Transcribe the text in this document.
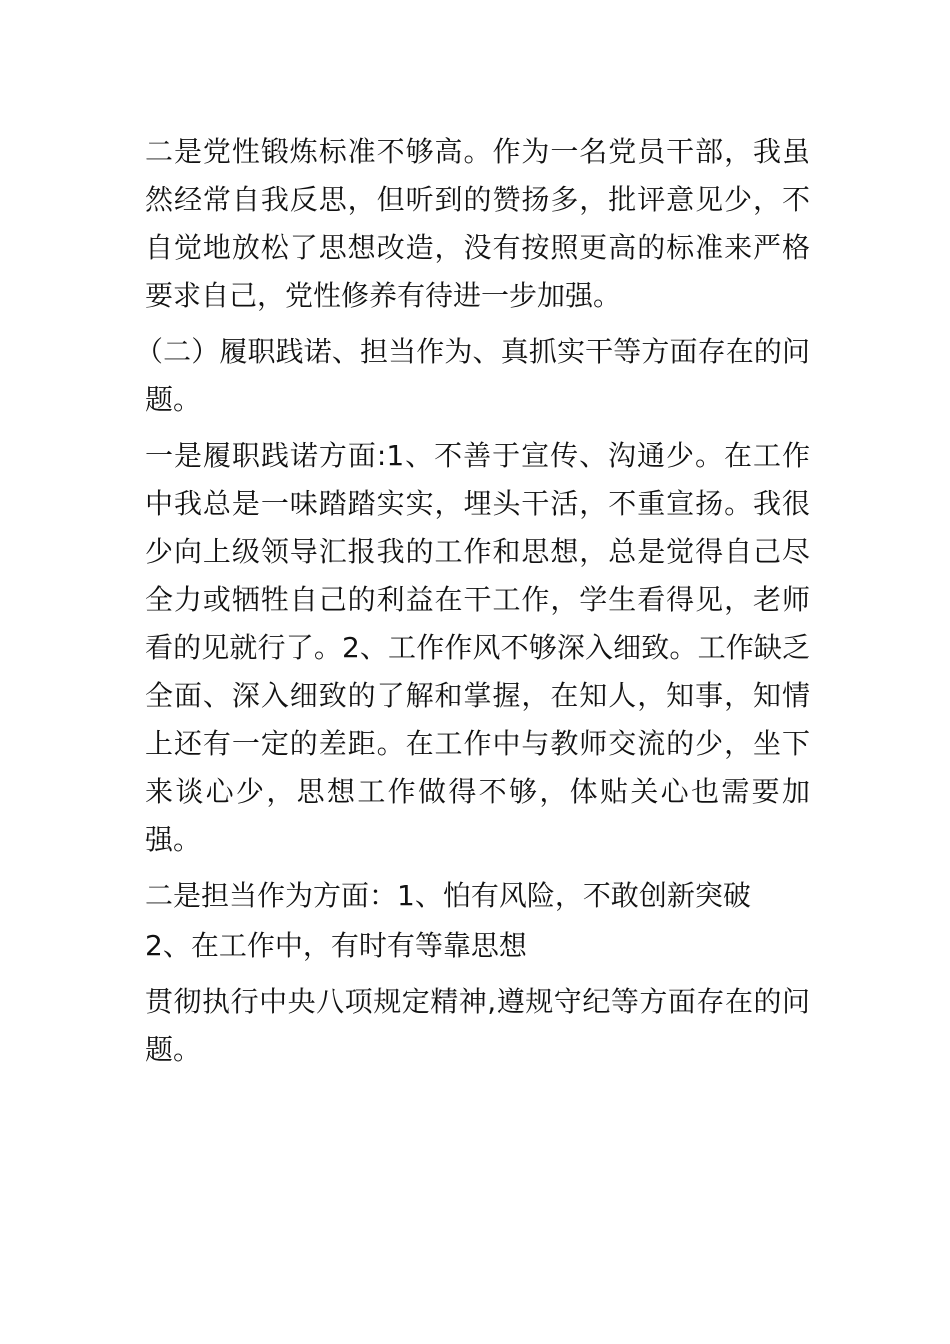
二是党性锻炼标准不够高。作为一名党员干部，我虽然经常自我反思，但听到的赞扬多，批评意见少，不自觉地放松了思想改造，没有按照更高的标准来严格要求自己，党性修养有待进一步加强。

（二）履职践诺、担当作为、真抓实干等方面存在的问题。

一是履职践诺方面:1、不善于宣传、沟通少。在工作中我总是一味踏踏实实，埋头干活，不重宣扬。我很少向上级领导汇报我的工作和思想，总是觉得自己尽全力或牺牲自己的利益在干工作，学生看得见，老师看的见就行了。2、工作作风不够深入细致。工作缺乏全面、深入细致的了解和掌握，在知人，知事，知情上还有一定的差距。在工作中与教师交流的少，坐下来谈心少，思想工作做得不够，体贴关心也需要加强。

二是担当作为方面：1、怕有风险，不敢创新突破

2、在工作中，有时有等靠思想

贯彻执行中央八项规定精神,遵规守纪等方面存在的问题。
